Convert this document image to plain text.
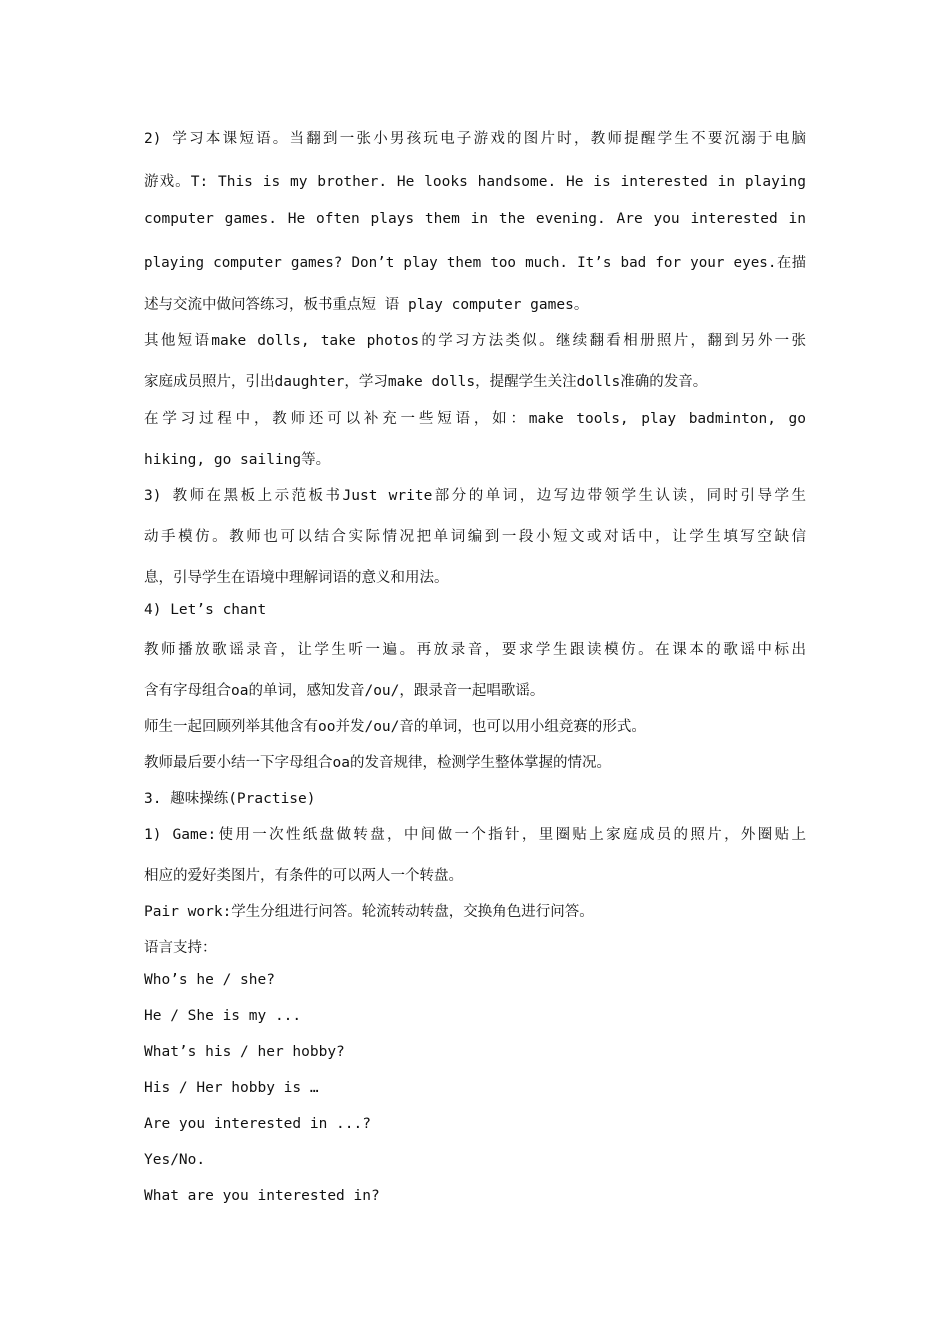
2) 学习本课短语。当翻到一张小男孩玩电子游戏的图片时，教师提醒学生不要沉溺于电脑
游戏。T: This is my brother. He looks handsome. He is interested in playing
computer games. He often plays them in the evening. Are you interested in
playing computer games? Don’t play them too much. It’s bad for your eyes.在描
述与交流中做问答练习，板书重点短 语 play computer games。
其他短语make dolls, take photos的学习方法类似。继续翻看相册照片，翻到另外一张
家庭成员照片，引出daughter，学习make dolls，提醒学生关注dolls准确的发音。
在学习过程中，教师还可以补充一些短语，如：make tools, play badminton, go
hiking, go sailing等。
3) 教师在黑板上示范板书Just write部分的单词，边写边带领学生认读，同时引导学生
动手模仿。教师也可以结合实际情况把单词编到一段小短文或对话中，让学生填写空缺信
息，引导学生在语境中理解词语的意义和用法。
4) Let’s chant
教师播放歌谣录音，让学生听一遍。再放录音，要求学生跟读模仿。在课本的歌谣中标出
含有字母组合oa的单词，感知发音/ou/，跟录音一起唱歌谣。
师生一起回顾列举其他含有oo并发/ou/音的单词，也可以用小组竞赛的形式。
教师最后要小结一下字母组合oa的发音规律，检测学生整体掌握的情况。
3. 趣味操练(Practise)
1) Game:使用一次性纸盘做转盘，中间做一个指针，里圈贴上家庭成员的照片，外圈贴上
相应的爱好类图片，有条件的可以两人一个转盘。
Pair work:学生分组进行问答。轮流转动转盘，交换角色进行问答。
语言支持：
Who’s he / she?
He / She is my ...
What’s his / her hobby?
His / Her hobby is …
Are you interested in ...?
Yes/No.
What are you interested in?
